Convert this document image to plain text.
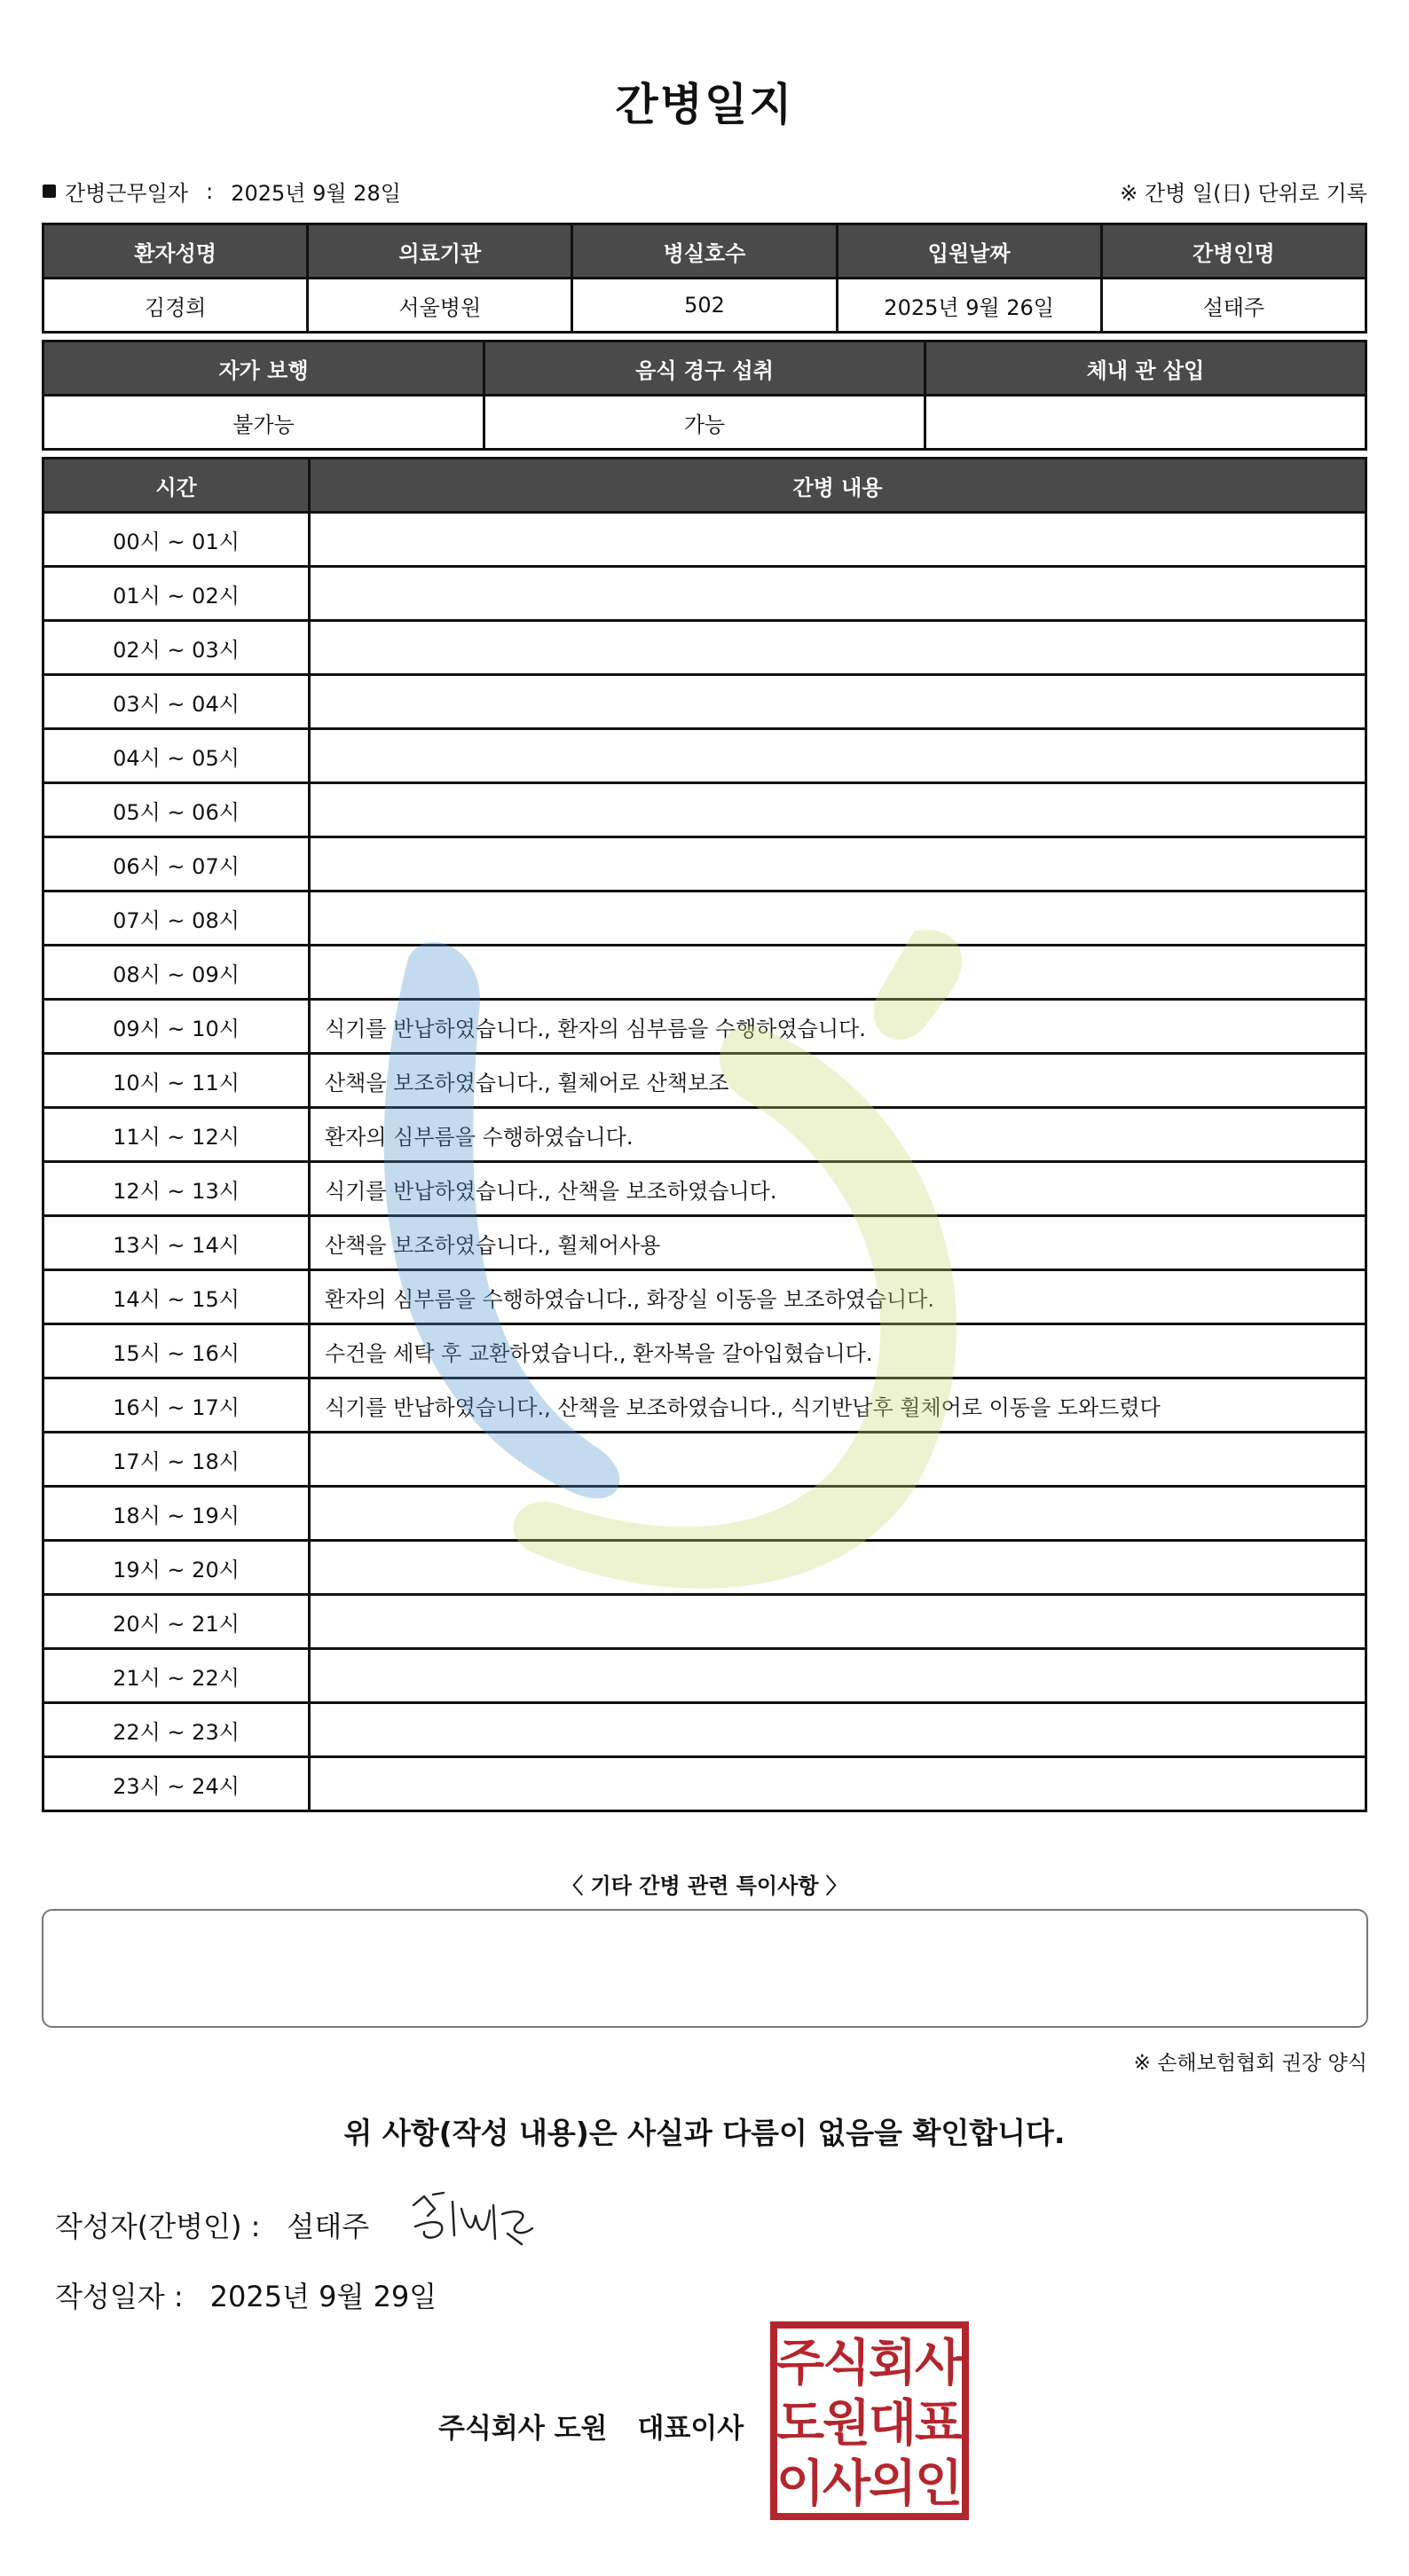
간병일지
간병근무일자 : 2025년 9월 28일	※ 간병 일(日) 단위로 기록
환자성명	의료기관	병실호수	입원날짜	간병인명
김경희	서울병원	502	2025년 9월 26일	설태주
자가 보행	음식 경구 섭취	체내 관 삽입
불가능	가능	
시간	간병 내용
00시 ~ 01시	
01시 ~ 02시	
02시 ~ 03시	
03시 ~ 04시	
04시 ~ 05시	
05시 ~ 06시	
06시 ~ 07시	
07시 ~ 08시	
08시 ~ 09시	
09시 ~ 10시	식기를 반납하였습니다., 환자의 심부름을 수행하였습니다.
10시 ~ 11시	산책을 보조하였습니다., 휠체어로 산책보조
11시 ~ 12시	환자의 심부름을 수행하였습니다.
12시 ~ 13시	식기를 반납하였습니다., 산책을 보조하였습니다.
13시 ~ 14시	산책을 보조하였습니다., 휠체어사용
14시 ~ 15시	환자의 심부름을 수행하였습니다., 화장실 이동을 보조하였습니다.
15시 ~ 16시	수건을 세탁 후 교환하였습니다., 환자복을 갈아입혔습니다.
16시 ~ 17시	식기를 반납하였습니다., 산책을 보조하였습니다., 식기반납후 휠체어로 이동을 도와드렸다
17시 ~ 18시	
18시 ~ 19시	
19시 ~ 20시	
20시 ~ 21시	
21시 ~ 22시	
22시 ~ 23시	
23시 ~ 24시	
〈 기타 간병 관련 특이사항 〉
※ 손해보험협회 권장 양식
위 사항(작성 내용)은 사실과 다름이 없음을 확인합니다.
작성자(간병인) : 설태주
작성일자 : 2025년 9월 29일
주식회사 도원 대표이사
주
식
회
사
도
원
대
표
이
사
의
인
